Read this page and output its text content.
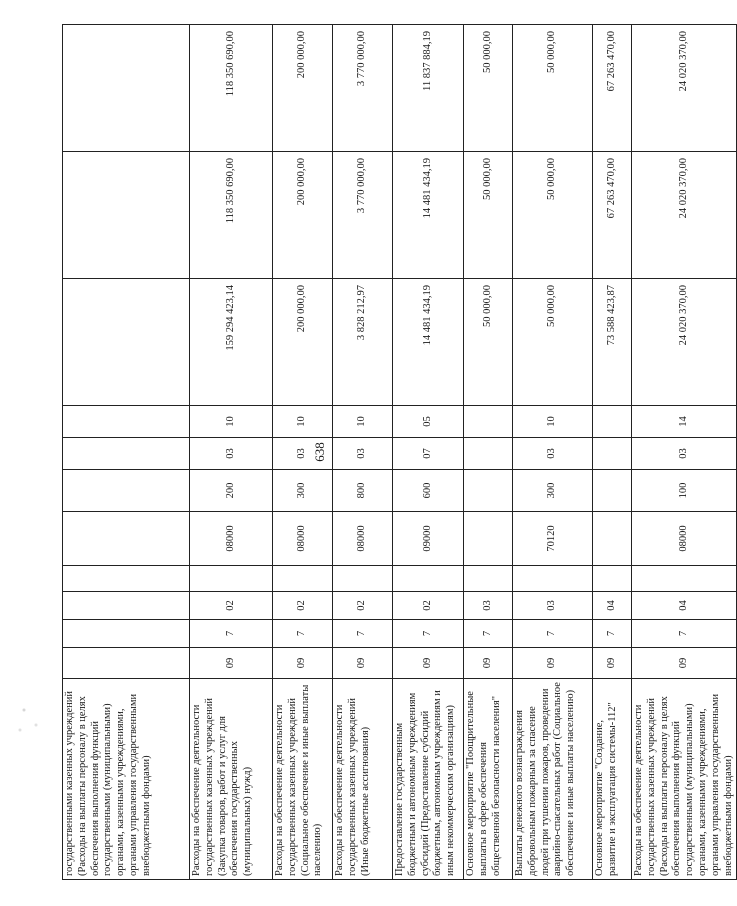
638
государственными казенных учреждений (Расходы на выплаты персоналу в целях обеспечения выполнения функций государственными (муниципальными) органами, казенными учреждениями, органами управления государственными внебюджетными фондами)											
Расходы на обеспечение деятельности государственных казенных учреждений (Закупка товаров, работ и услуг для обеспечения государственных (муниципальных) нужд)	09	7	02		08000	200	03	10	159 294 423,14	118 350 690,00	118 350 690,00
Расходы на обеспечение деятельности государственных казенных учреждений (Социальное обеспечение и иные выплаты населению)	09	7	02		08000	300	03	10	200 000,00	200 000,00	200 000,00
Расходы на обеспечение деятельности государственных казенных учреждений (Иные бюджетные ассигнования)	09	7	02		08000	800	03	10	3 828 212,97	3 770 000,00	3 770 000,00
Предоставление государственным бюджетным и автономным учреждениям субсидий (Предоставление субсидий бюджетным, автономным учреждениям и иным некоммерческим организациям)	09	7	02		09000	600	07	05	14 481 434,19	14 481 434,19	11 837 884,19
Основное мероприятие "Поощрительные выплаты в сфере обеспечения общественной безопасности населения"	09	7	03						50 000,00	50 000,00	50 000,00
Выплаты денежного вознаграждения добровольным пожарным за спасение людей при тушении пожаров, проведении аварийно-спасательных работ (Социальное обеспечение и иные выплаты населению)	09	7	03		70120	300	03	10	50 000,00	50 000,00	50 000,00
Основное мероприятие "Создание, развитие и эксплуатация системы-112"	09	7	04						73 588 423,87	67 263 470,00	67 263 470,00
Расходы на обеспечение деятельности государственных казенных учреждений (Расходы на выплаты персоналу в целях обеспечения выполнения функций государственными (муниципальными) органами, казенными учреждениями, органами управления государственными внебюджетными фондами)	09	7	04		08000	100	03	14	24 020 370,00	24 020 370,00	24 020 370,00
